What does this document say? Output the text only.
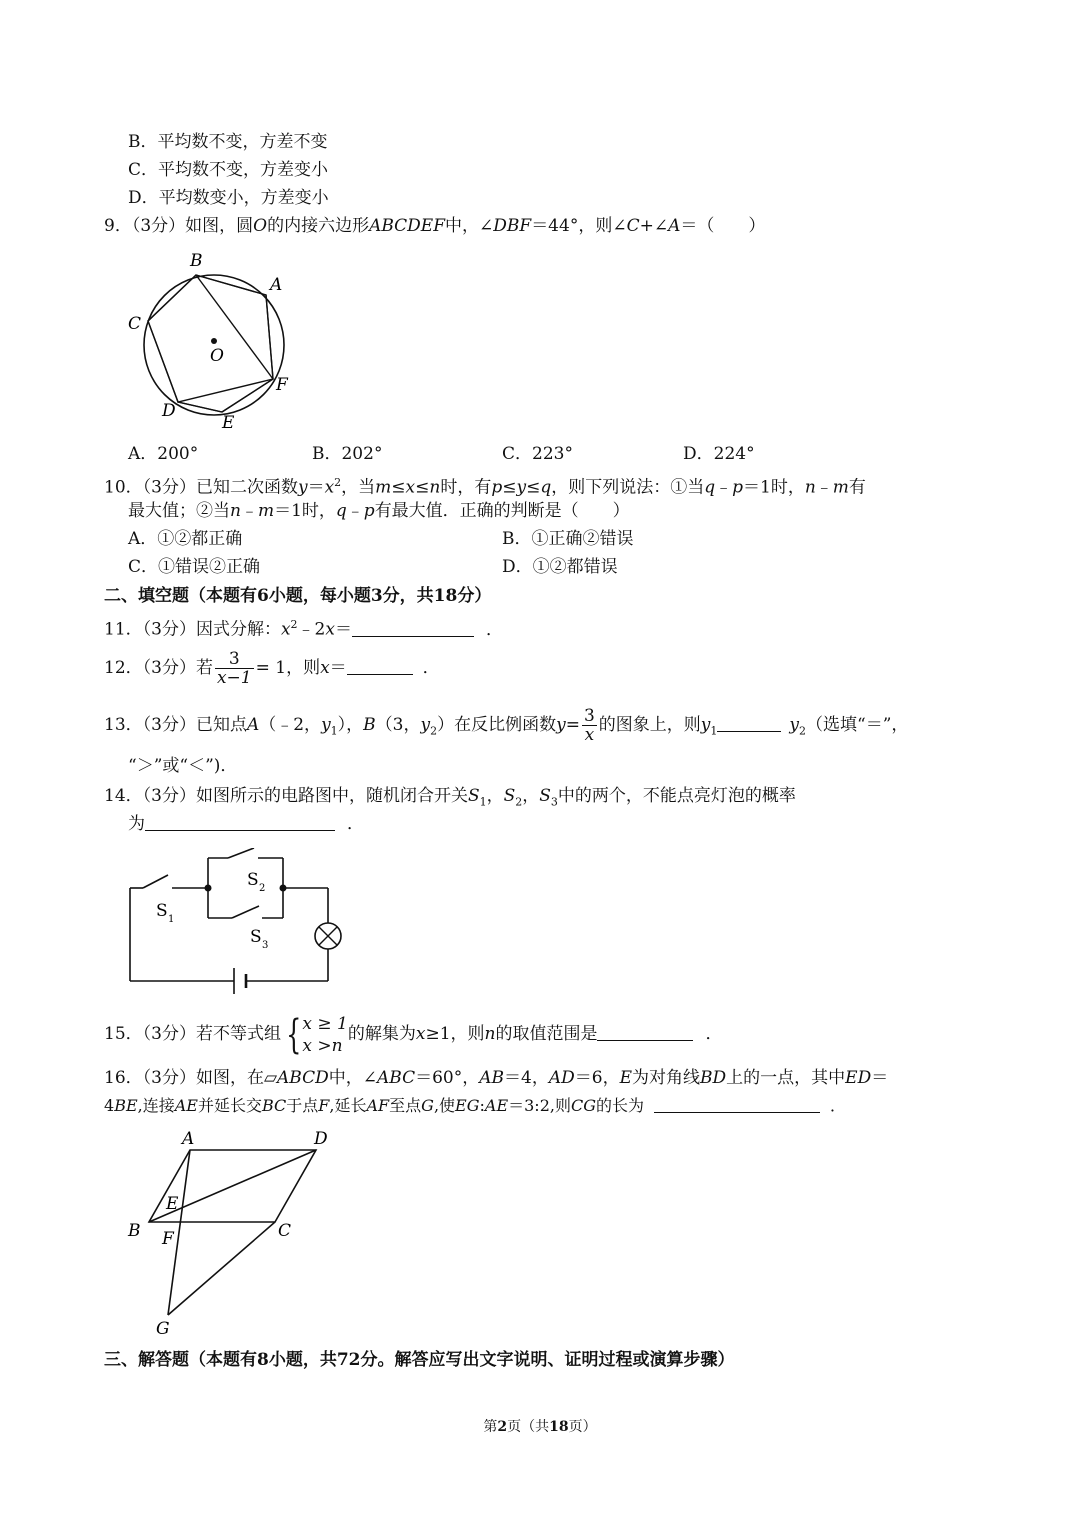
B．平均数不变，方差不变
C．平均数不变，方差变小
D．平均数变小，方差变小
9．（3分）如图，圆O的内接六边形ABCDEF中，∠DBF＝44°，则∠C+∠A＝（　　）
B
A
C
O
F
D
E
A．200°	B．202°	C．223°	D．224°
10．（3分）已知二次函数$y=x^2$，当m≤x≤n时，有p≤y≤q，则下列说法：①当q﹣p＝1时，n﹣m有
最大值；②当n﹣m＝1时，q﹣p有最大值．正确的判断是（　　）
A．①②都正确	B．①正确②错误
C．①错误②正确	D．①②都错误
二、填空题（本题有6小题，每小题3分，共18分）
11．（3分）因式分解：$x^2﹣2x=$	．
12．（3分）若 $\frac{3}{x-1} = 1$，则x＝	．
13．（3分）已知点A（﹣2，$y_1$），B（3，$y_2$）在反比例函数$y= \frac{3}{x}$ 的图象上，则$y_1$	$y_2$（选填“＝”，
“＞”或“＜”)．
14．（3分）如图所示的电路图中，随机闭合开关$S_1$，$S_2$，$S_3$中的两个，不能点亮灯泡的概率
为	．
S 1
S 2
S 3
15．（3分）若不等式组 { x ≥ 1
x >n
的解集为x≥1，则n的取值范围是	．
16．（3分）如图，在▱ABCD中，∠ABC＝60°，AB＝4，AD＝6，E为对角线BD上的一点，其中ED＝
4BE,连接AE并延长交BC于点F,延长AF至点G,使EG:AE＝3:2,则CG的长为	．
A	D
E
B F	C
G
三、解答题（本题有8小题，共72分。解答应写出文字说明、证明过程或演算步骤）
第2页（共18页）
